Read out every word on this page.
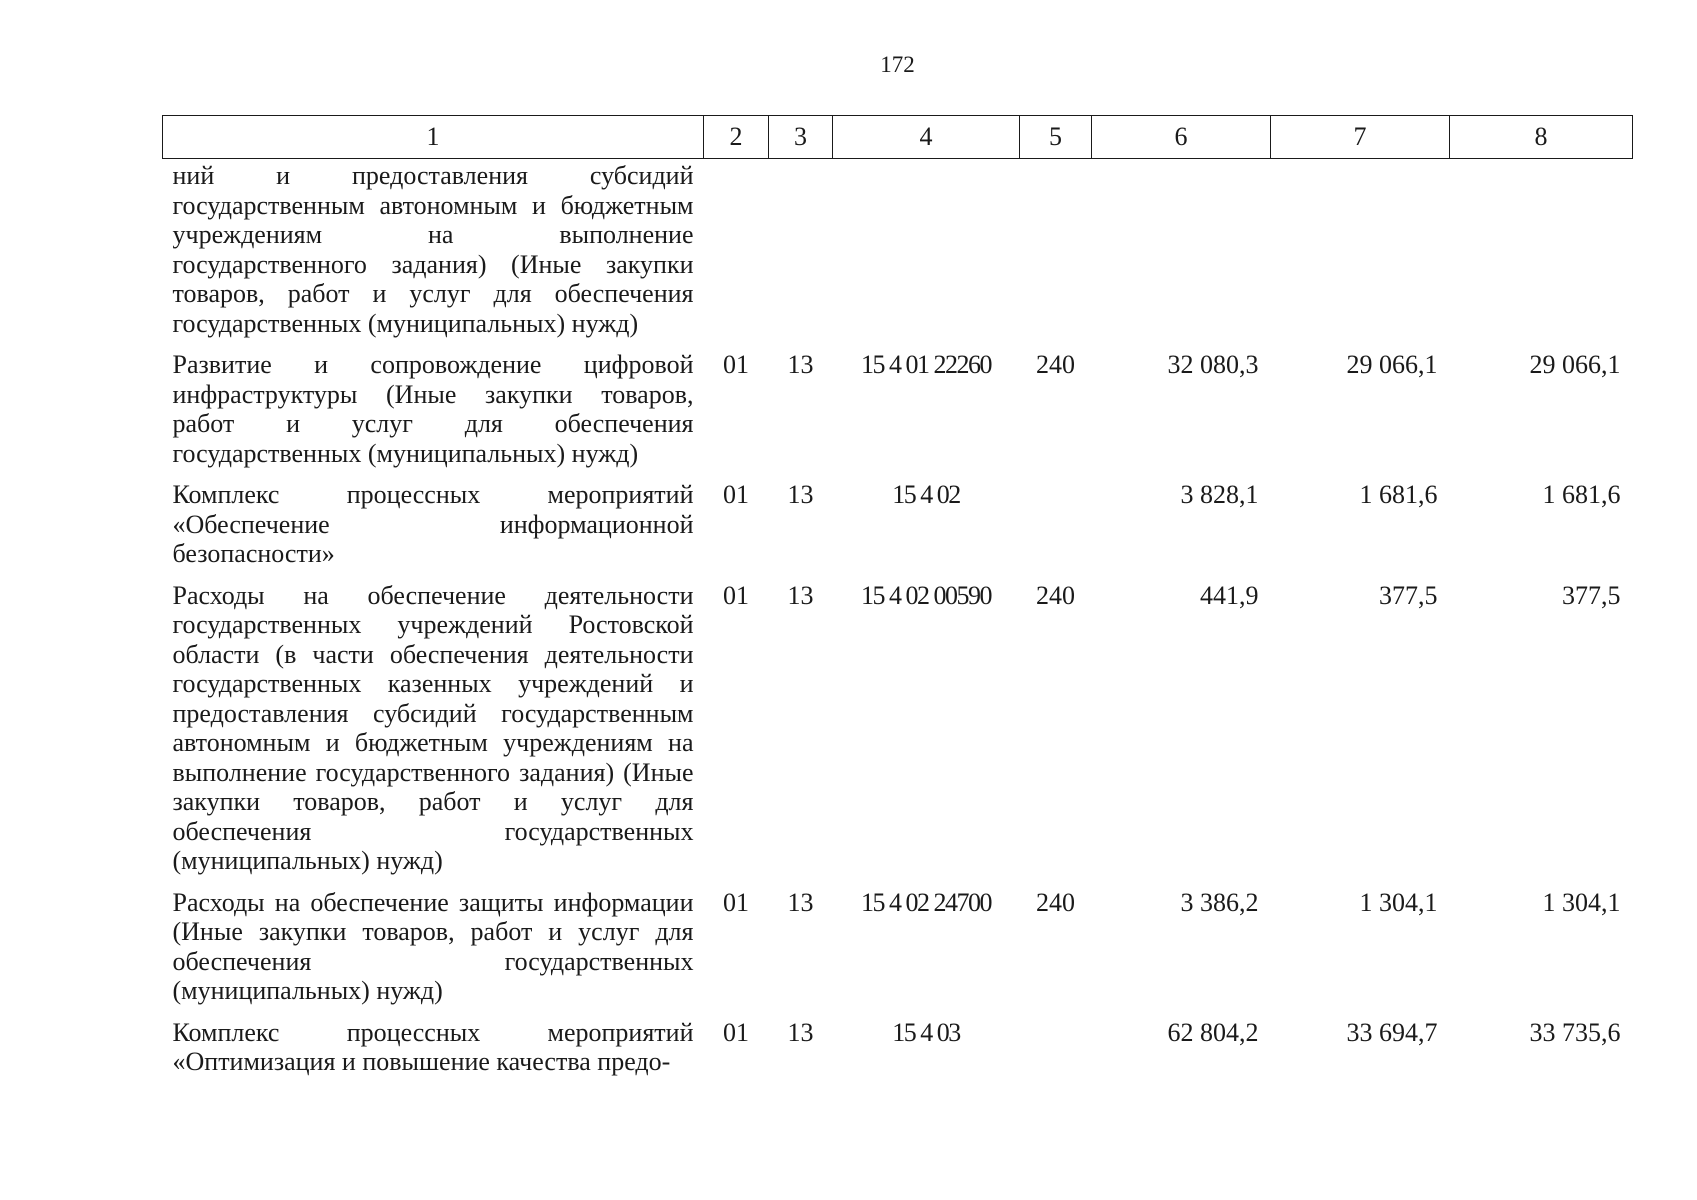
172
1	2	3	4	5	6	7	8
ний и предоставления субсидий государственным автономным и бюджетным учреждениям на выполнение государственного задания) (Иные закупки товаров, работ и услуг для обеспечения государственных (муниципальных) нужд)							
Развитие и сопровождение цифровой инфраструктуры (Иные закупки товаров, работ и услуг для обеспечения государственных (муниципальных) нужд)	01	13	15 4 01 22260	240	32 080,3	29 066,1	29 066,1
Комплекс процессных мероприятий «Обеспечение информационной безопасности»	01	13	15 4 02		3 828,1	1 681,6	1 681,6
Расходы на обеспечение деятельности государственных учреждений Ростовской области (в части обеспечения деятельности государственных казенных учреждений и предоставления субсидий государственным автономным и бюджетным учреждениям на выполнение государственного задания) (Иные закупки товаров, работ и услуг для обеспечения государственных (муниципальных) нужд)	01	13	15 4 02 00590	240	441,9	377,5	377,5
Расходы на обеспечение защиты информации (Иные закупки товаров, работ и услуг для обеспечения государственных (муниципальных) нужд)	01	13	15 4 02 24700	240	3 386,2	1 304,1	1 304,1
Комплекс процессных мероприятий «Оптимизация и повышение качества предо-	01	13	15 4 03		62 804,2	33 694,7	33 735,6
